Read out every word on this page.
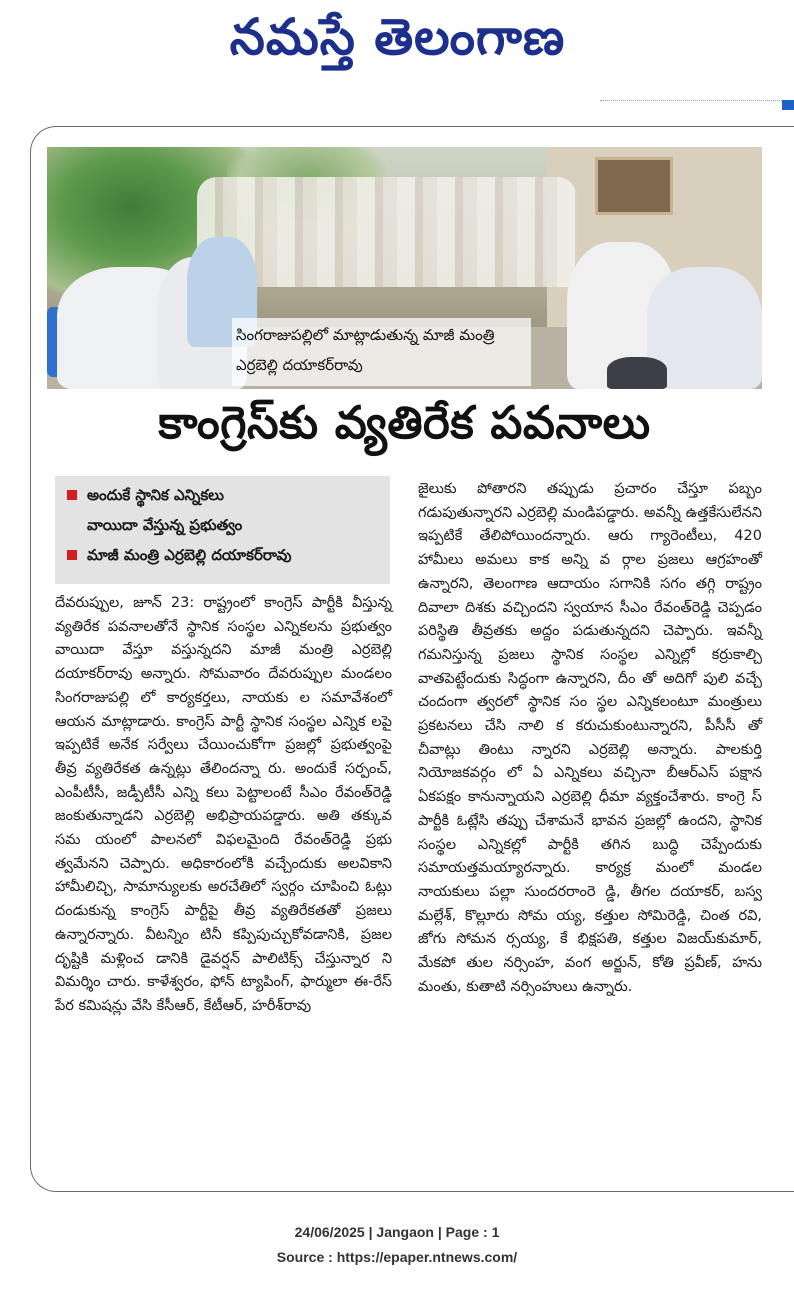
నమస్తే తెలంగాణ
సింగరాజుపల్లిలో మాట్లాడుతున్న మాజీ మంత్రి ఎర్రబెల్లి దయాకర్‌రావు
కాంగ్రెస్‌కు వ్యతిరేక పవనాలు
అందుకే స్థానిక ఎన్నికలు
వాయిదా వేస్తున్న ప్రభుత్వం
మాజీ మంత్రి ఎర్రబెల్లి దయాకర్‌రావు

దేవరుప్పుల, జూన్ 23: రాష్ట్రంలో కాంగ్రెస్ పార్టీకి వీస్తున్న వ్యతిరేక పవనాలతోనే స్థానిక సంస్థల ఎన్నికలను ప్రభుత్వం వాయిదా వేస్తూ వస్తున్నదని మాజీ మంత్రి ఎర్రబెల్లి దయాకర్‌రావు అన్నారు. సోమవారం దేవరుప్పుల మండలం సింగరాజుపల్లి లో కార్యకర్తలు, నాయకు ల సమావేశంలో ఆయన మాట్లాడారు. కాంగ్రెస్ పార్టీ స్థానిక సంస్థల ఎన్నిక లపై ఇప్పటికే అనేక సర్వేలు చేయించుకోగా ప్రజల్లో ప్రభుత్వంపై తీవ్ర వ్యతిరేకత ఉన్నట్లు తేలిందన్నా రు. అందుకే సర్పంచ్, ఎంపీటీసీ, జడ్పీటీసీ ఎన్ని కలు పెట్టాలంటే సీఎం రేవంత్‌రెడ్డి జంకుతున్నాడని ఎర్రబెల్లి అభిప్రాయపడ్డారు. అతి తక్కువ సమ యంలో పాలనలో విఫలమైంది రేవంత్‌రెడ్డి ప్రభు త్వమేనని చెప్పారు. అధికారంలోకి వచ్చేందుకు అలవికాని హామీలిచ్చి, సామాన్యులకు అరచేతిలో స్వర్గం చూపించి ఓట్లు దండుకున్న కాంగ్రెస్ పార్టీపై తీవ్ర వ్యతిరేకతతో ప్రజలు ఉన్నారన్నారు. వీటన్నిం టినీ కప్పిపుచ్చుకోవడానికి, ప్రజల దృష్టికి మళ్లించ డానికి డైవర్షన్ పాలిటిక్స్ చేస్తున్నార ని విమర్శిం చారు. కాళేశ్వరం, ఫోన్ ట్యాపింగ్, ఫార్ములా ఈ-రేస్ పేర కమిషన్లు వేసి కేసీఆర్, కేటీఆర్, హరీశ్‌రావు

జైలుకు పోతారని తప్పుడు ప్రచారం చేస్తూ పబ్బం గడుపుతున్నారని ఎర్రబెల్లి మండిపడ్డారు. అవన్నీ ఉత్తకేసులేనని ఇప్పటికే తేలిపోయిందన్నారు. ఆరు గ్యారెంటీలు, 420 హామీలు అమలు కాక అన్ని వ ర్గాల ప్రజలు ఆగ్రహంతో ఉన్నారని, తెలంగాణ ఆదాయం సగానికి సగం తగ్గి రాష్ట్రం దివాలా దిశకు వచ్చిందని స్వయాన సీఎం రేవంత్‌రెడ్డి చెప్పడం పరిస్థితి తీవ్రతకు అద్దం పడుతున్నదని చెప్పారు. ఇవన్నీ గమనిస్తున్న ప్రజలు స్థానిక సంస్థల ఎన్నిల్లో కర్రుకాల్చి వాతపెట్టేందుకు సిద్ధంగా ఉన్నారని, దీం తో అదిగో పులి వచ్చే చందంగా త్వరలో స్థానిక సం స్థల ఎన్నికలంటూ మంత్రులు ప్రకటనలు చేసి నాలి క కరుచుకుంటున్నారని, పీసీసీ తో చీవాట్లు తింటు న్నారని ఎర్రబెల్లి అన్నారు. పాలకుర్తి నియోజకవర్గం లో ఏ ఎన్నికలు వచ్చినా బీఆర్‌ఎస్ పక్షాన ఏకపక్షం కానున్నాయని ఎర్రబెల్లి ధీమా వ్యక్తంచేశారు. కాంగ్రె స్ పార్టీకి ఓట్లేసి తప్పు చేశామనే భావన ప్రజల్లో ఉందని, స్థానిక సంస్థల ఎన్నికల్లో పార్టీకి తగిన బుద్ధి చెప్పేందుకు సమాయత్తమయ్యారన్నారు. కార్యక్ర మంలో మండల నాయకులు పల్లా సుందరరాంరె డ్డి, తీగల దయాకర్, బస్వ మల్లేశ్, కొల్లూరు సోమ య్య, కత్తుల సోమిరెడ్డి, చింత రవి, జోగు సోమన ర్సయ్య, కే భిక్షపతి, కత్తుల విజయ్‌కుమార్, మేకపో తుల నర్సింహ, వంగ అర్జున్, కోతి ప్రవీణ్, హను మంతు, కుతాటి నర్సింహులు ఉన్నారు.

24/06/2025 | Jangaon | Page : 1
Source : https://epaper.ntnews.com/
